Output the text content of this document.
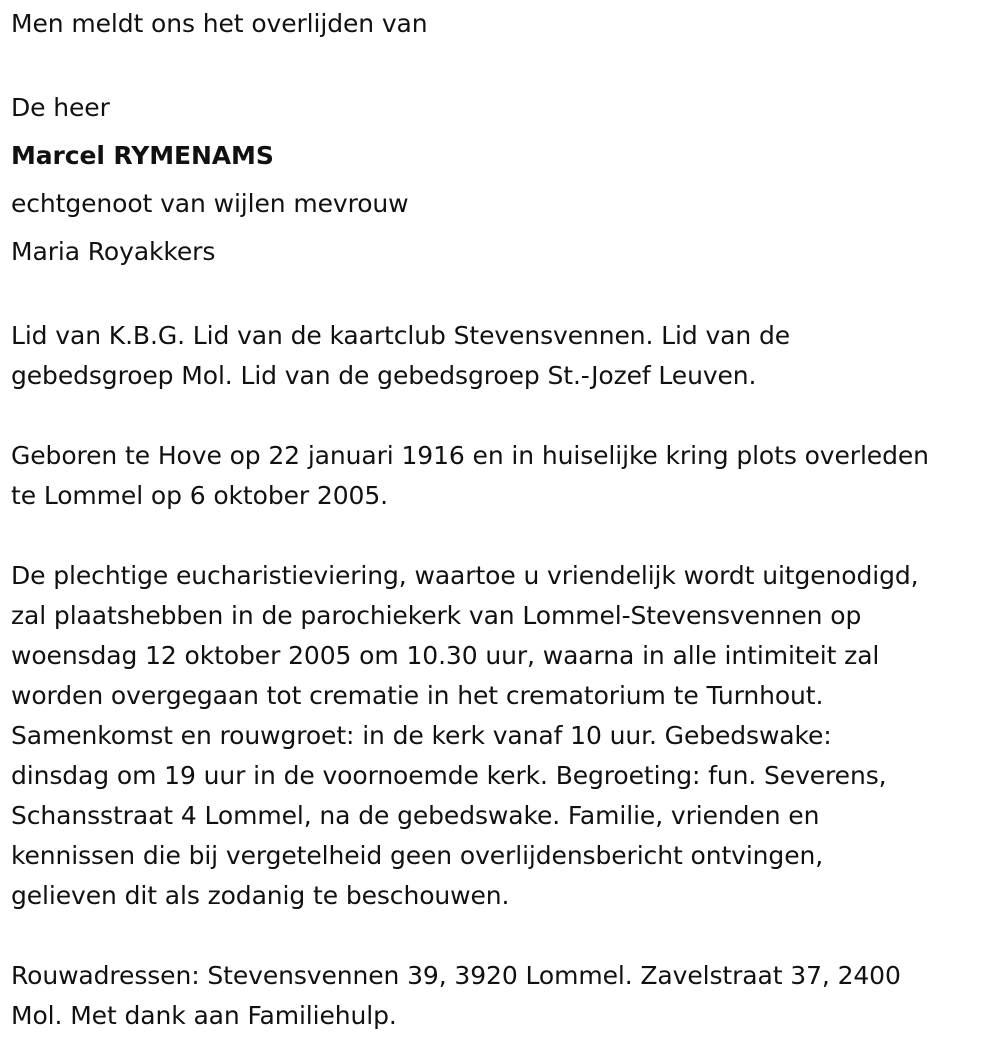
Men meldt ons het overlijden van
De heer
Marcel RYMENAMS
echtgenoot van wijlen mevrouw
Maria Royakkers
Lid van K.B.G. Lid van de kaartclub Stevensvennen. Lid van de
gebedsgroep Mol. Lid van de gebedsgroep St.-Jozef Leuven.
Geboren te Hove op 22 januari 1916 en in huiselijke kring plots overleden
te Lommel op 6 oktober 2005.
De plechtige eucharistieviering, waartoe u vriendelijk wordt uitgenodigd,
zal plaatshebben in de parochiekerk van Lommel-Stevensvennen op
woensdag 12 oktober 2005 om 10.30 uur, waarna in alle intimiteit zal
worden overgegaan tot crematie in het crematorium te Turnhout.
Samenkomst en rouwgroet: in de kerk vanaf 10 uur. Gebedswake:
dinsdag om 19 uur in de voornoemde kerk. Begroeting: fun. Severens,
Schansstraat 4 Lommel, na de gebedswake. Familie, vrienden en
kennissen die bij vergetelheid geen overlijdensbericht ontvingen,
gelieven dit als zodanig te beschouwen.
Rouwadressen: Stevensvennen 39, 3920 Lommel. Zavelstraat 37, 2400
Mol. Met dank aan Familiehulp.
